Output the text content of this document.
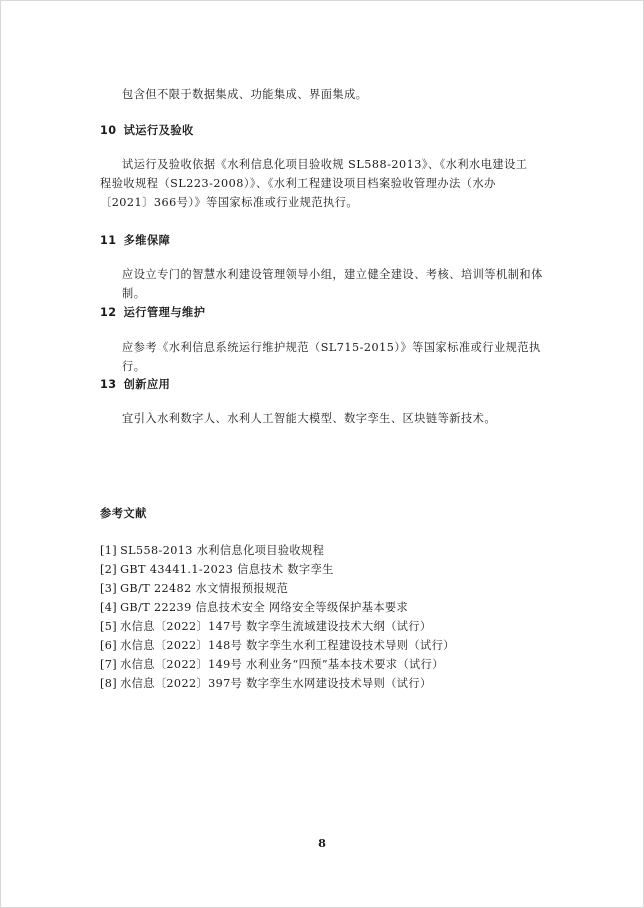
包含但不限于数据集成、功能集成、界面集成。

10 试运行及验收

试运行及验收依据《水利信息化项目验收规 SL588-2013》、《水利水电建设工程验收规程（SL223-2008）》、《水利工程建设项目档案验收管理办法（水办〔2021〕366号）》等国家标准或行业规范执行。

11 多维保障

应设立专门的智慧水利建设管理领导小组，建立健全建设、考核、培训等机制和体制。

12 运行管理与维护

应参考《水利信息系统运行维护规范（SL715-2015）》等国家标准或行业规范执行。

13 创新应用

宜引入水利数字人、水利人工智能大模型、数字孪生、区块链等新技术。

参考文献
[1] SL558-2013 水利信息化项目验收规程
[2] GBT 43441.1-2023 信息技术 数字孪生
[3] GB/T 22482 水文情报预报规范
[4] GB/T 22239 信息技术安全 网络安全等级保护基本要求
[5] 水信息〔2022〕147号 数字孪生流域建设技术大纲（试行）
[6] 水信息〔2022〕148号 数字孪生水利工程建设技术导则（试行）
[7] 水信息〔2022〕149号 水利业务“四预”基本技术要求（试行）
[8] 水信息〔2022〕397号 数字孪生水网建设技术导则（试行）
8
